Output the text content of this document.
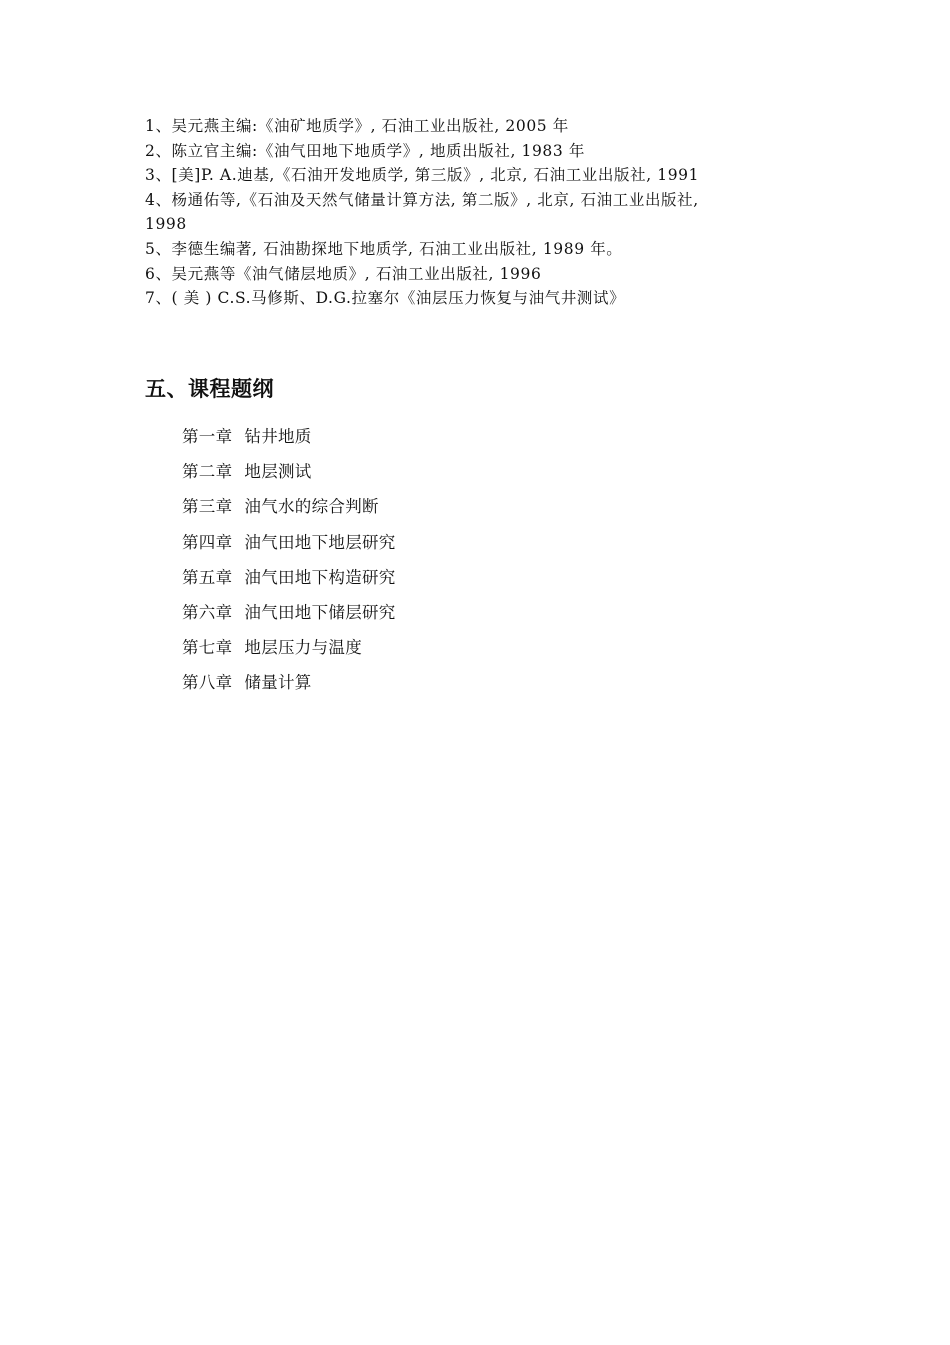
1、吴元燕主编:《油矿地质学》, 石油工业出版社, 2005 年
2、陈立官主编:《油气田地下地质学》, 地质出版社, 1983 年
3、[美]P. A.迪基,《石油开发地质学, 第三版》, 北京, 石油工业出版社, 1991
4、杨通佑等,《石油及天然气储量计算方法, 第二版》, 北京, 石油工业出版社,
1998
5、李德生编著, 石油勘探地下地质学, 石油工业出版社, 1989 年。
6、吴元燕等《油气储层地质》, 石油工业出版社, 1996
7、( 美 ) C.S.马修斯、D.G.拉塞尔《油层压力恢复与油气井测试》
五、课程题纲
第一章 钻井地质
第二章 地层测试
第三章 油气水的综合判断
第四章 油气田地下地层研究
第五章 油气田地下构造研究
第六章 油气田地下储层研究
第七章 地层压力与温度
第八章 储量计算
